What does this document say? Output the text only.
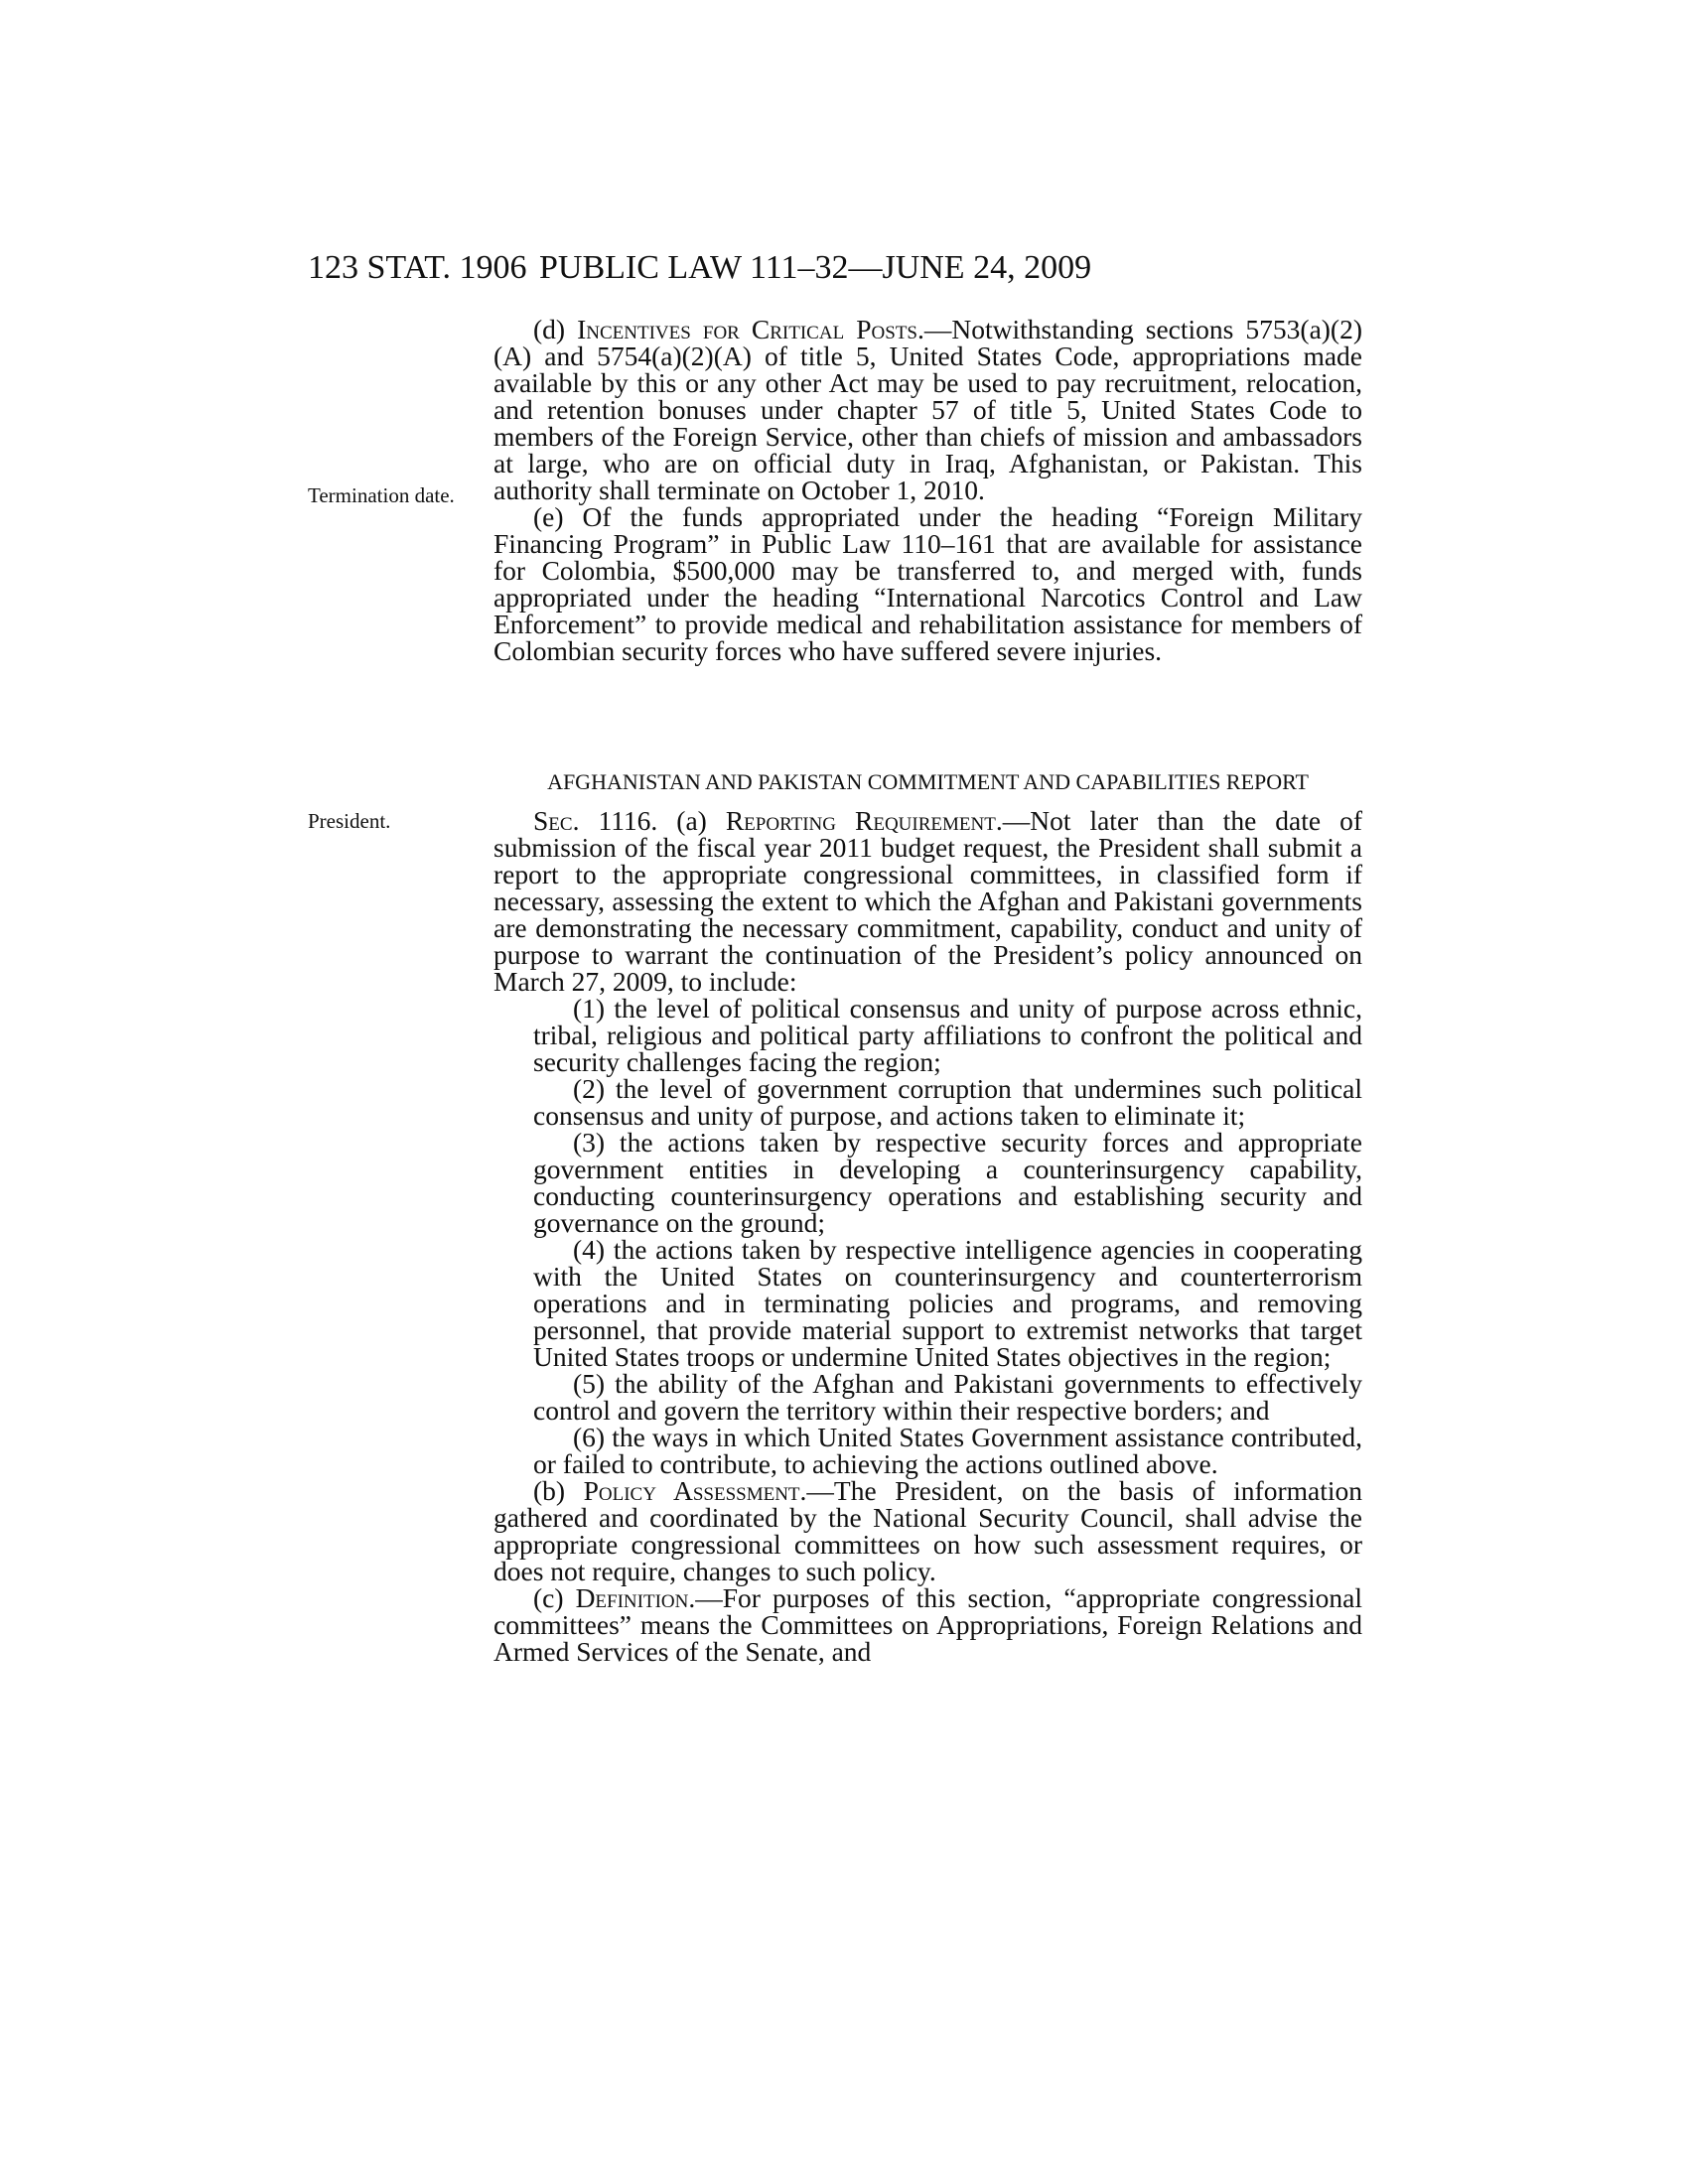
123 STAT. 1906 PUBLIC LAW 111–32—JUNE 24, 2009
Termination date.
President.

(d) Incentives for Critical Posts.—Notwithstanding sections 5753(a)(2)(A) and 5754(a)(2)(A) of title 5, United States Code, appropriations made available by this or any other Act may be used to pay recruitment, relocation, and retention bonuses under chapter 57 of title 5, United States Code to members of the Foreign Service, other than chiefs of mission and ambassadors at large, who are on official duty in Iraq, Afghanistan, or Pakistan. This authority shall terminate on October 1, 2010.

(e) Of the funds appropriated under the heading “Foreign Military Financing Program” in Public Law 110–161 that are available for assistance for Colombia, $500,000 may be transferred to, and merged with, funds appropriated under the heading “International Narcotics Control and Law Enforcement” to provide medical and rehabilitation assistance for members of Colombian security forces who have suffered severe injuries.

AFGHANISTAN AND PAKISTAN COMMITMENT AND CAPABILITIES REPORT

Sec. 1116. (a) Reporting Requirement.—Not later than the date of submission of the fiscal year 2011 budget request, the President shall submit a report to the appropriate congressional committees, in classified form if necessary, assessing the extent to which the Afghan and Pakistani governments are demonstrating the necessary commitment, capability, conduct and unity of purpose to warrant the continuation of the President’s policy announced on March 27, 2009, to include:

(1) the level of political consensus and unity of purpose across ethnic, tribal, religious and political party affiliations to confront the political and security challenges facing the region;

(2) the level of government corruption that undermines such political consensus and unity of purpose, and actions taken to eliminate it;

(3) the actions taken by respective security forces and appropriate government entities in developing a counterinsurgency capability, conducting counterinsurgency operations and establishing security and governance on the ground;

(4) the actions taken by respective intelligence agencies in cooperating with the United States on counterinsurgency and counterterrorism operations and in terminating policies and programs, and removing personnel, that provide material support to extremist networks that target United States troops or undermine United States objectives in the region;

(5) the ability of the Afghan and Pakistani governments to effectively control and govern the territory within their respective borders; and

(6) the ways in which United States Government assistance contributed, or failed to contribute, to achieving the actions outlined above.

(b) Policy Assessment.—The President, on the basis of information gathered and coordinated by the National Security Council, shall advise the appropriate congressional committees on how such assessment requires, or does not require, changes to such policy.

(c) Definition.—For purposes of this section, “appropriate congressional committees” means the Committees on Appropriations, Foreign Relations and Armed Services of the Senate, and
